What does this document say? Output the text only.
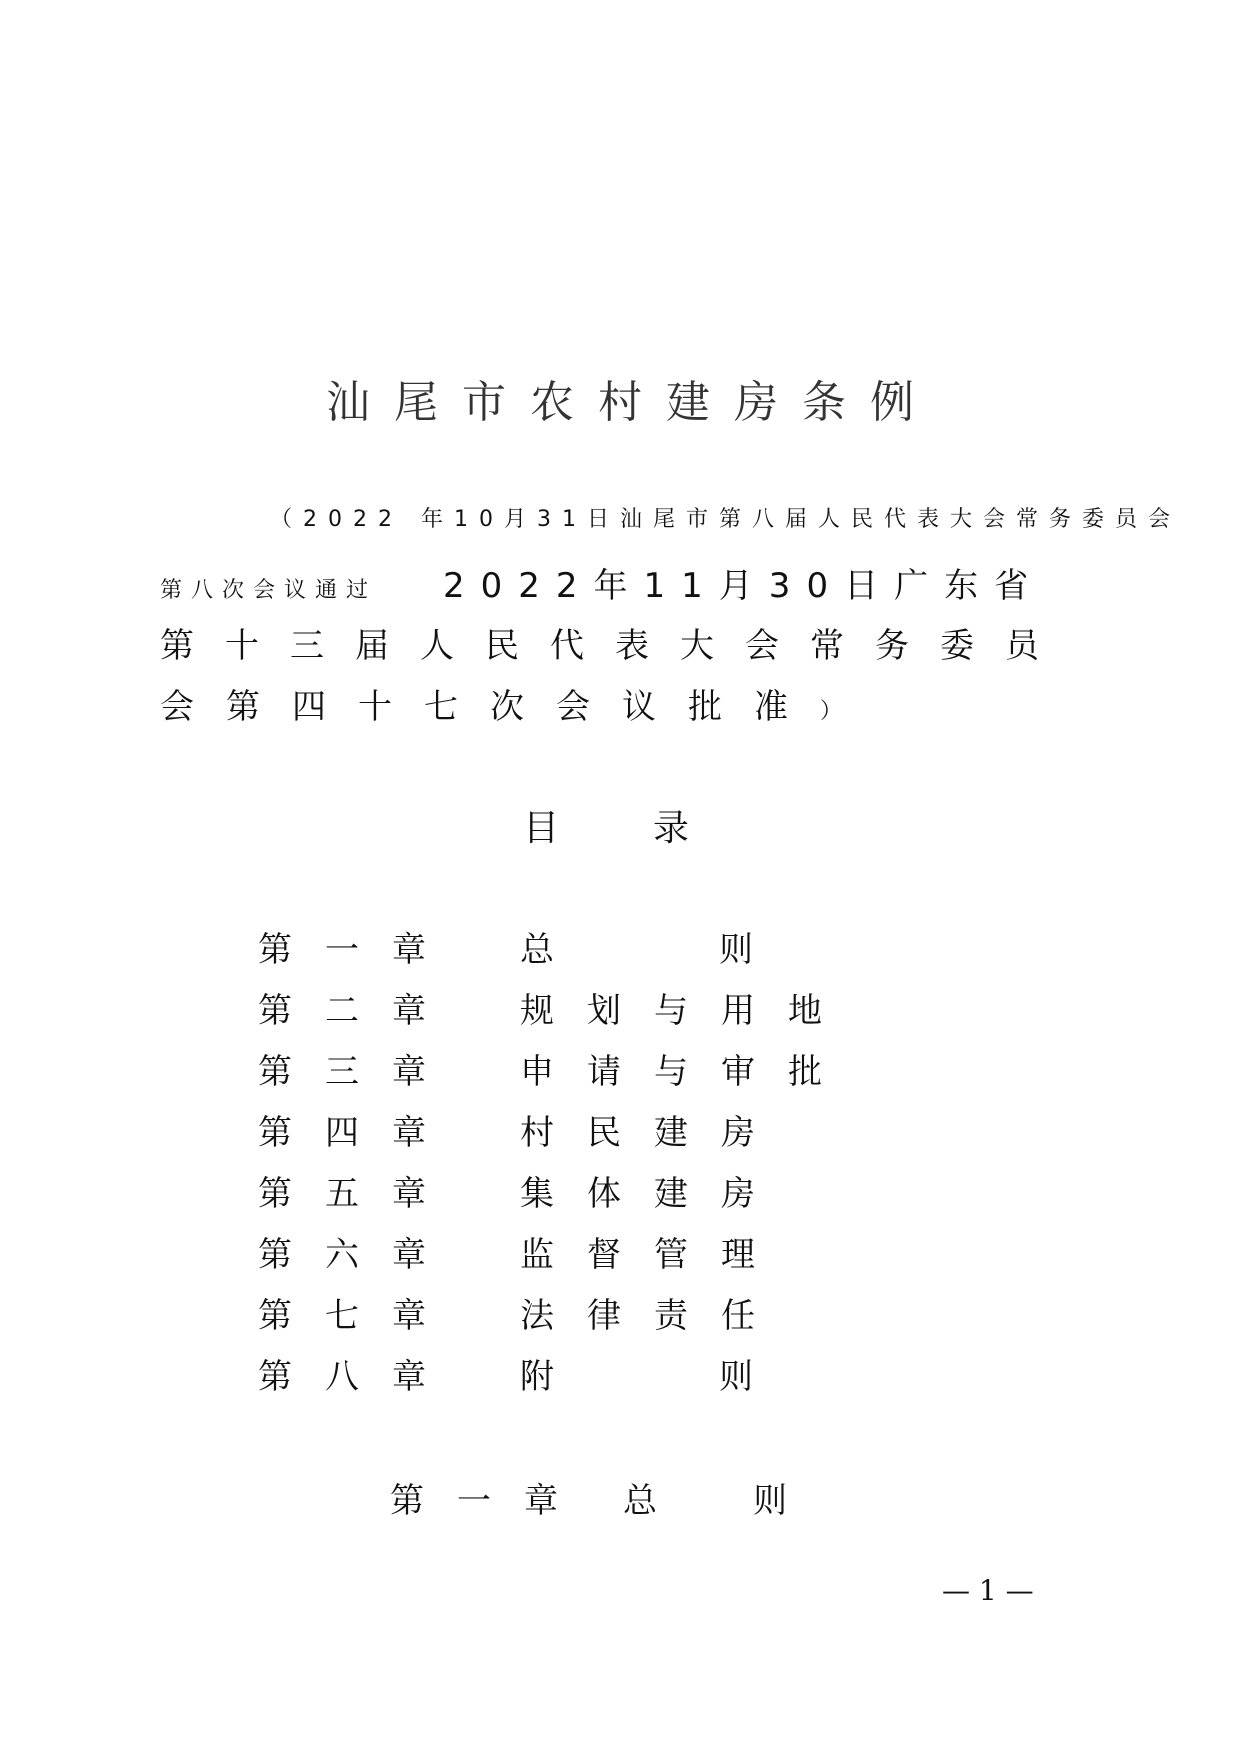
汕尾市农村建房条例
（2022 年10月31日汕尾市第八届人民代表大会常务委员会
第八次会议通过 2022年11月30日广东省
第十三届人民代表大会常务委员
会第四十七次会议批准）
目录
第一章 总则
第二章 规划与用地
第三章 申请与审批
第四章 村民建房
第五章 集体建房
第六章 监督管理
第七章 法律责任
第八章 附则
第一章 总则
— 1 —
